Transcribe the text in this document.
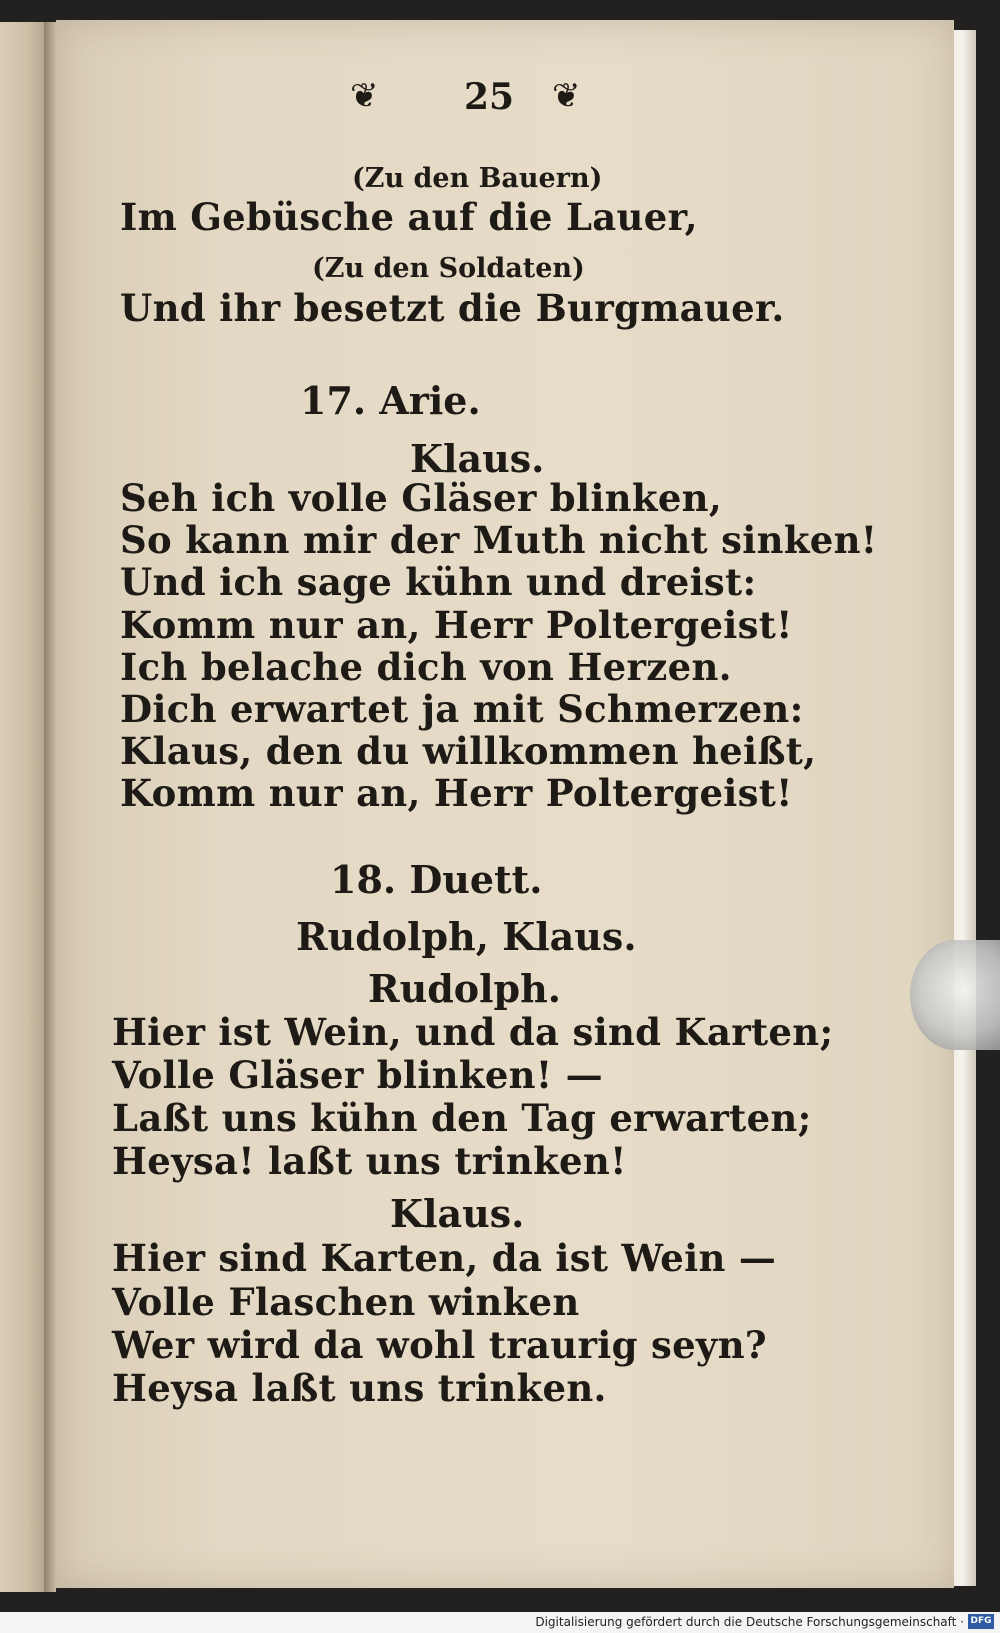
❦ 25 ❦
(Zu den Bauern)
Im Gebüsche auf die Lauer,
(Zu den Soldaten)
Und ihr besetzt die Burgmauer.
17. Arie.
Klaus.
Seh ich volle Gläser blinken,
So kann mir der Muth nicht sinken!
Und ich sage kühn und dreist:
Komm nur an, Herr Poltergeist!
Ich belache dich von Herzen.
Dich erwartet ja mit Schmerzen:
Klaus, den du willkommen heißt,
Komm nur an, Herr Poltergeist!
18. Duett.
Rudolph, Klaus.
Rudolph.
Hier ist Wein, und da sind Karten;
Volle Gläser blinken! —
Laßt uns kühn den Tag erwarten;
Heysa! laßt uns trinken!
Klaus.
Hier sind Karten, da ist Wein —
Volle Flaschen winken
Wer wird da wohl traurig seyn?
Heysa laßt uns trinken.
Digitalisierung gefördert durch die Deutsche Forschungsgemeinschaft · DFG
